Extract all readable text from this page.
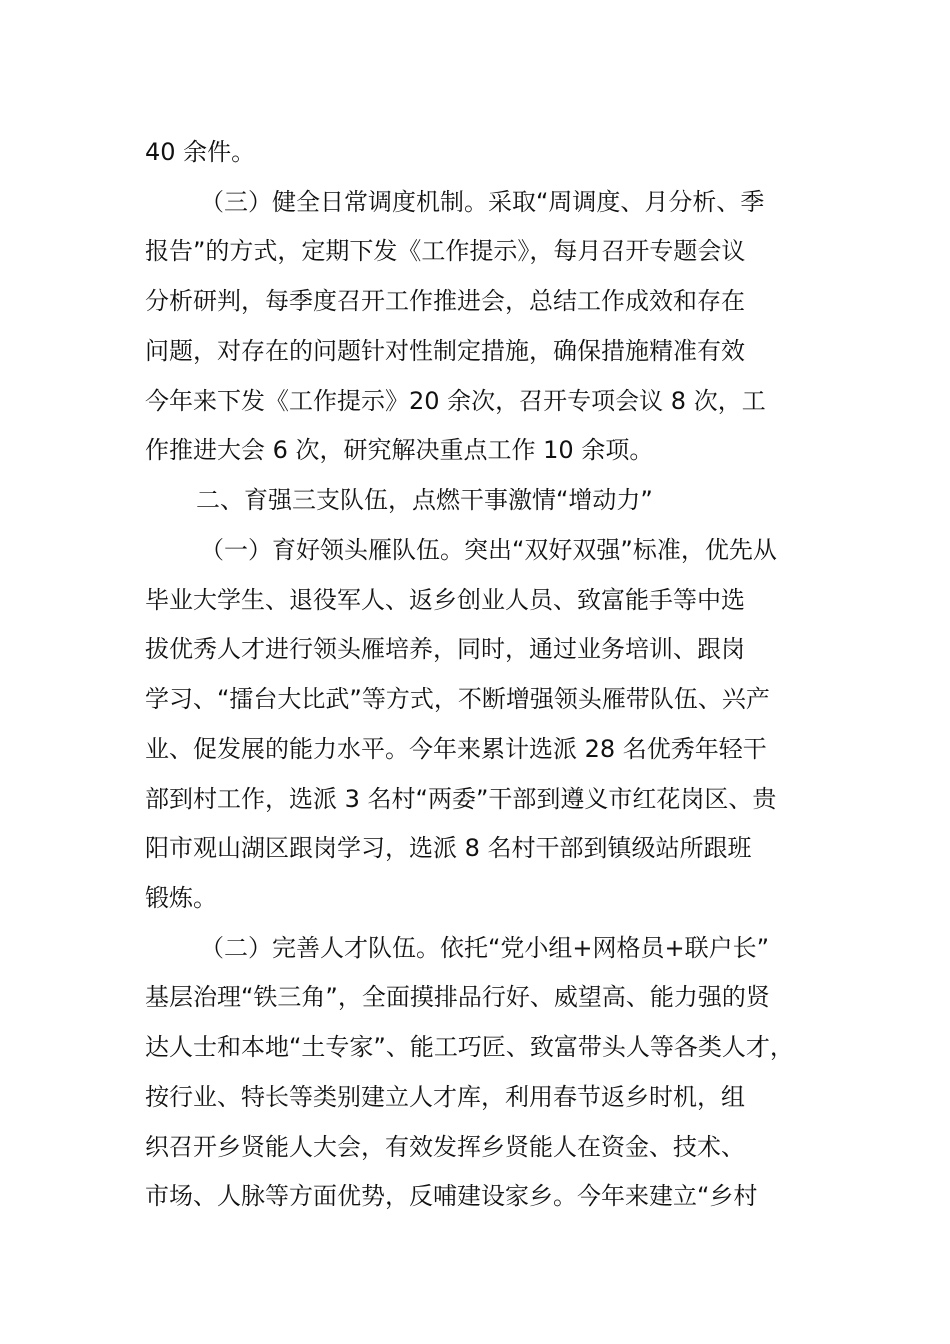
40 余件。
（三）健全日常调度机制。采取“周调度、月分析、季
报告”的方式，定期下发《工作提示》，每月召开专题会议
分析研判，每季度召开工作推进会，总结工作成效和存在
问题，对存在的问题针对性制定措施，确保措施精准有效
今年来下发《工作提示》20 余次，召开专项会议 8 次，工
作推进大会 6 次，研究解决重点工作 10 余项。
二、育强三支队伍，点燃干事激情“增动力”
（一）育好领头雁队伍。突出“双好双强”标准，优先从
毕业大学生、退役军人、返乡创业人员、致富能手等中选
拔优秀人才进行领头雁培养，同时，通过业务培训、跟岗
学习、“擂台大比武”等方式，不断增强领头雁带队伍、兴产
业、促发展的能力水平。今年来累计选派 28 名优秀年轻干
部到村工作，选派 3 名村“两委”干部到遵义市红花岗区、贵
阳市观山湖区跟岗学习，选派 8 名村干部到镇级站所跟班
锻炼。
（二）完善人才队伍。依托“党小组+网格员+联户长”
基层治理“铁三角”，全面摸排品行好、威望高、能力强的贤
达人士和本地“土专家”、能工巧匠、致富带头人等各类人才，
按行业、特长等类别建立人才库，利用春节返乡时机，组
织召开乡贤能人大会，有效发挥乡贤能人在资金、技术、
市场、人脉等方面优势，反哺建设家乡。今年来建立“乡村
